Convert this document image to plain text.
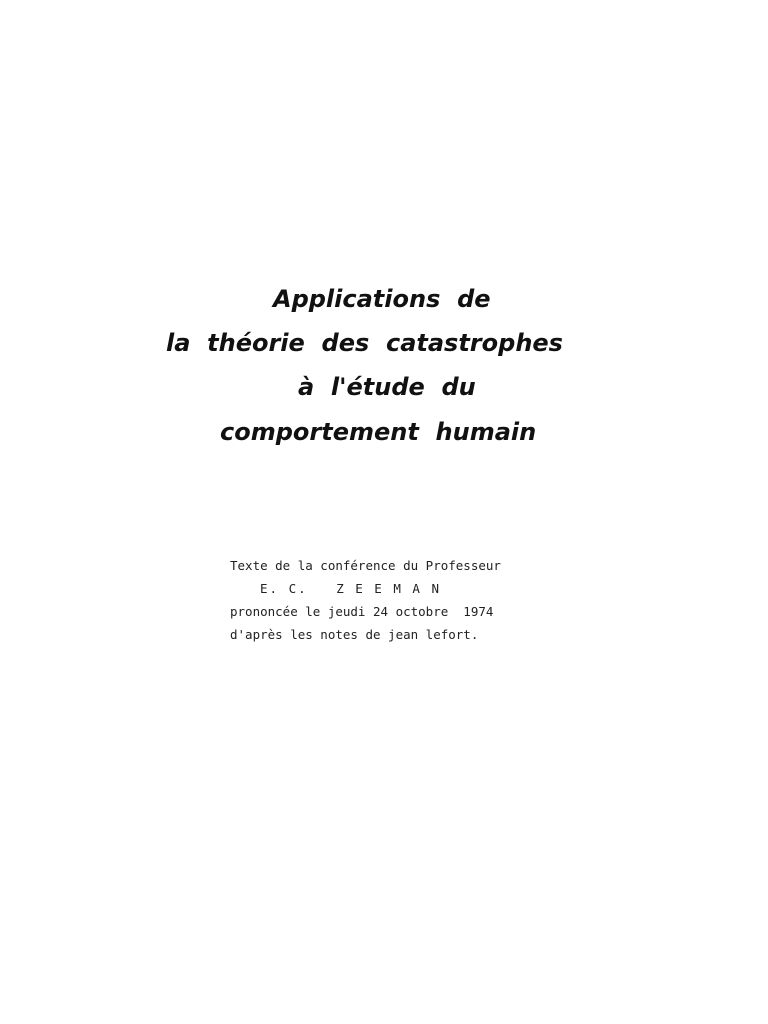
Applications  de
la  théorie  des  catastrophes
à  l'étude  du
comportement  humain

Texte de la conférence du Professeur

E. C.   Z E E M A N

prononcée le jeudi 24 octobre  1974

d'après les notes de jean lefort.
